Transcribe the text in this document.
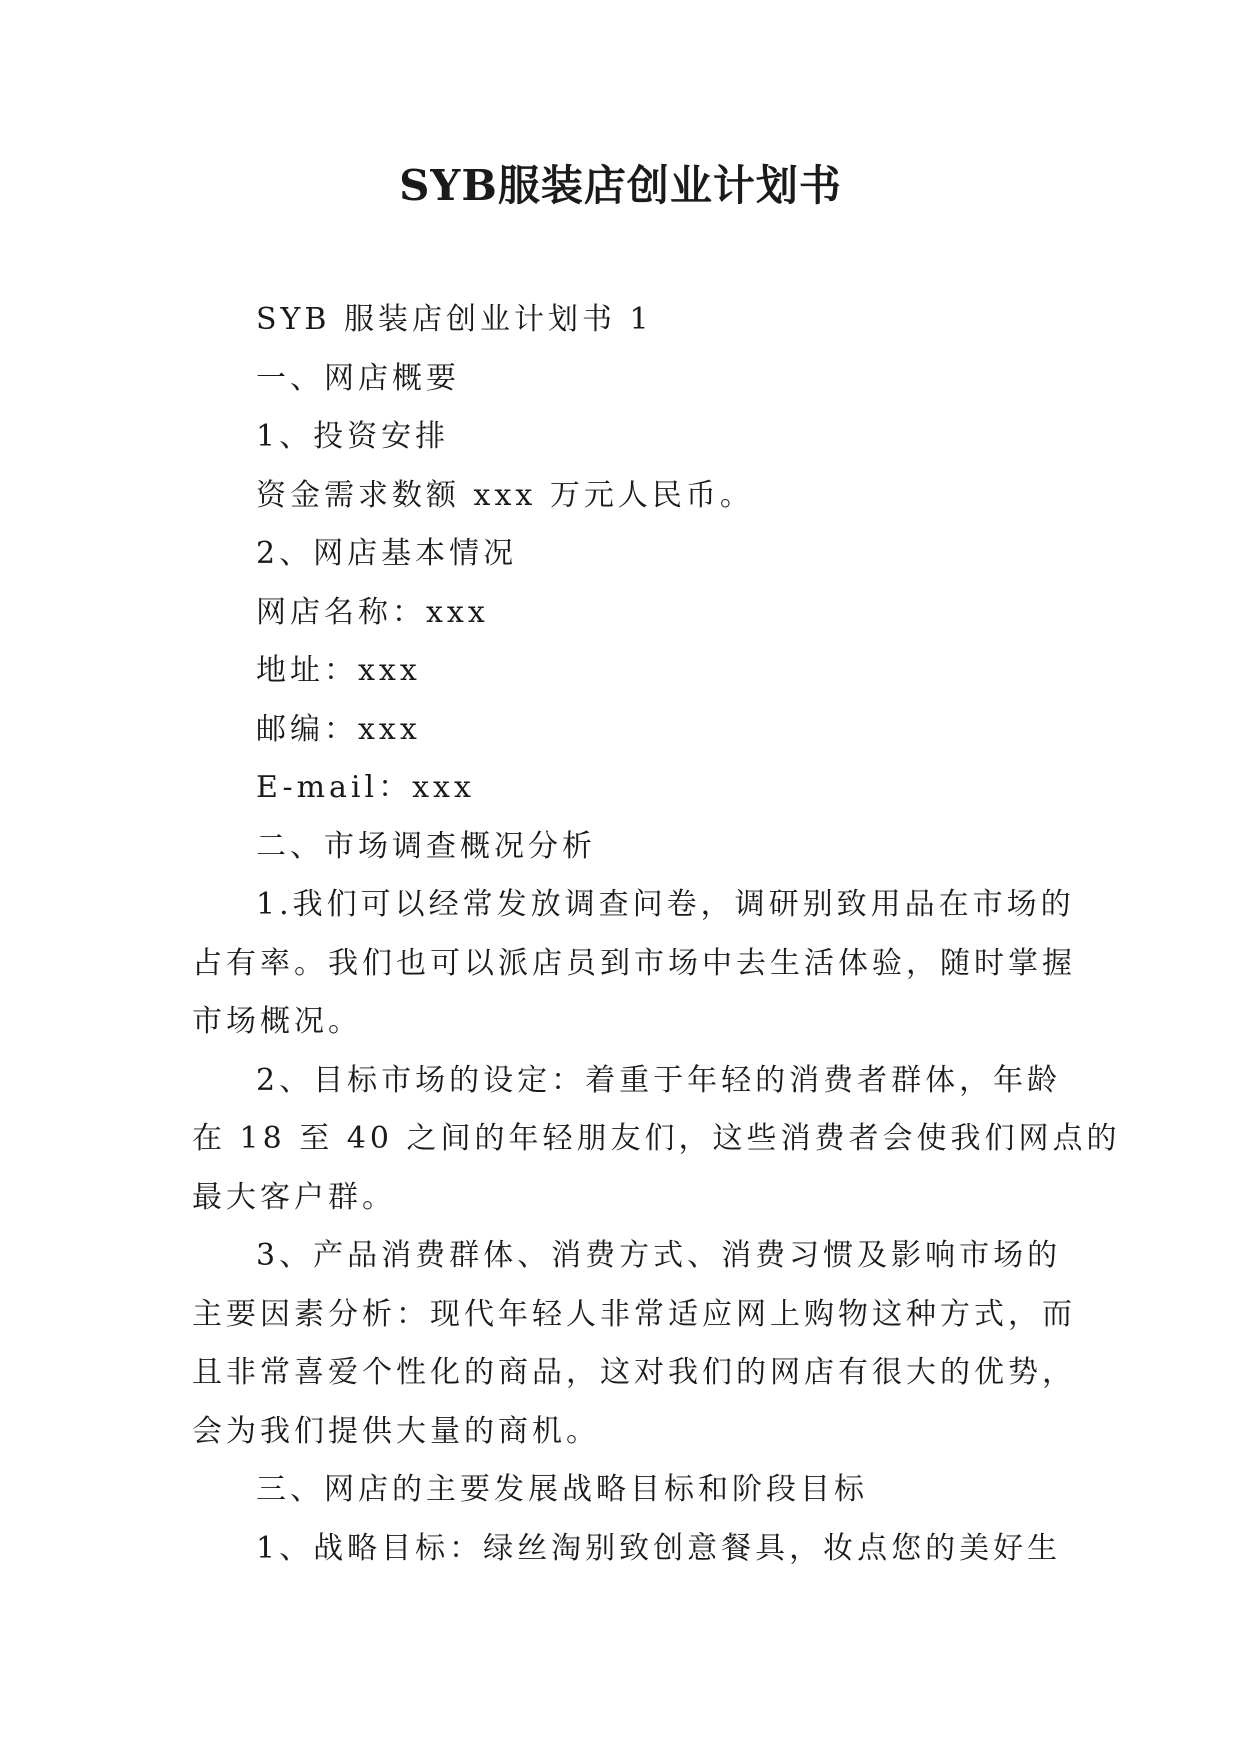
SYB服装店创业计划书

SYB 服装店创业计划书 1

一、网店概要

1、投资安排

资金需求数额 xxx 万元人民币。

2、网店基本情况

网店名称：xxx

地址：xxx

邮编：xxx

E-mail：xxx

二、市场调查概况分析

1.我们可以经常发放调查问卷，调研别致用品在市场的

占有率。我们也可以派店员到市场中去生活体验，随时掌握

市场概况。

2、目标市场的设定：着重于年轻的消费者群体，年龄

在 18 至 40 之间的年轻朋友们，这些消费者会使我们网点的

最大客户群。

3、产品消费群体、消费方式、消费习惯及影响市场的

主要因素分析：现代年轻人非常适应网上购物这种方式，而

且非常喜爱个性化的商品，这对我们的网店有很大的优势，

会为我们提供大量的商机。

三、网店的主要发展战略目标和阶段目标

1、战略目标：绿丝淘别致创意餐具，妆点您的美好生
